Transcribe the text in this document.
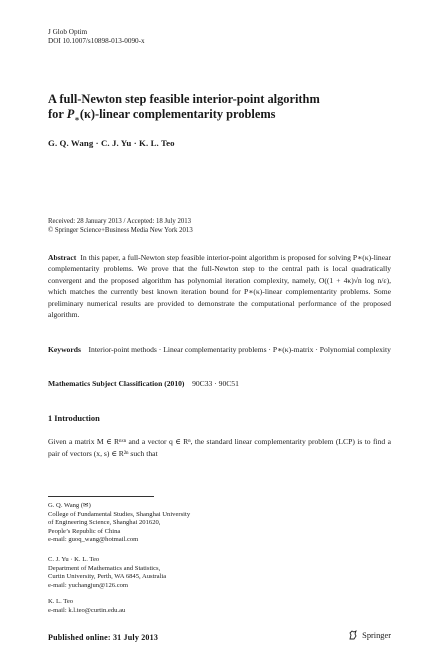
J Glob Optim
DOI 10.1007/s10898-013-0090-x
A full-Newton step feasible interior-point algorithm
for $P_∗(\kappa)$-linear complementarity problems
G. Q. Wang · C. J. Yu · K. L. Teo
Received: 28 January 2013 / Accepted: 18 July 2013
© Springer Science+Business Media New York 2013
Abstract In this paper, a full-Newton step feasible interior-point algorithm is proposed for solving P∗(κ)-linear complementarity problems. We prove that the full-Newton step to the central path is local quadratically convergent and the proposed algorithm has polynomial iteration complexity, namely, O((1 + 4κ)√n log n/ε), which matches the currently best known iteration bound for P∗(κ)-linear complementarity problems. Some preliminary numerical results are provided to demonstrate the computational performance of the proposed algorithm.
Keywords Interior-point methods · Linear complementarity problems · P∗(κ)-matrix · Polynomial complexity
Mathematics Subject Classification (2010) 90C33 · 90C51
1 Introduction
Given a matrix M ∈ Rⁿˣⁿ and a vector q ∈ Rⁿ, the standard linear complementarity problem (LCP) is to find a pair of vectors (x, s) ∈ R²ⁿ such that
G. Q. Wang (✉)
College of Fundamental Studies, Shanghai University
of Engineering Science, Shanghai 201620,
People’s Republic of China
e-mail: guoq_wang@hotmail.com
C. J. Yu · K. L. Teo
Department of Mathematics and Statistics,
Curtin University, Perth, WA 6845, Australia
e-mail: yuchangjun@126.com
K. L. Teo
e-mail: k.l.teo@curtin.edu.au
Published online: 31 July 2013	Springer
